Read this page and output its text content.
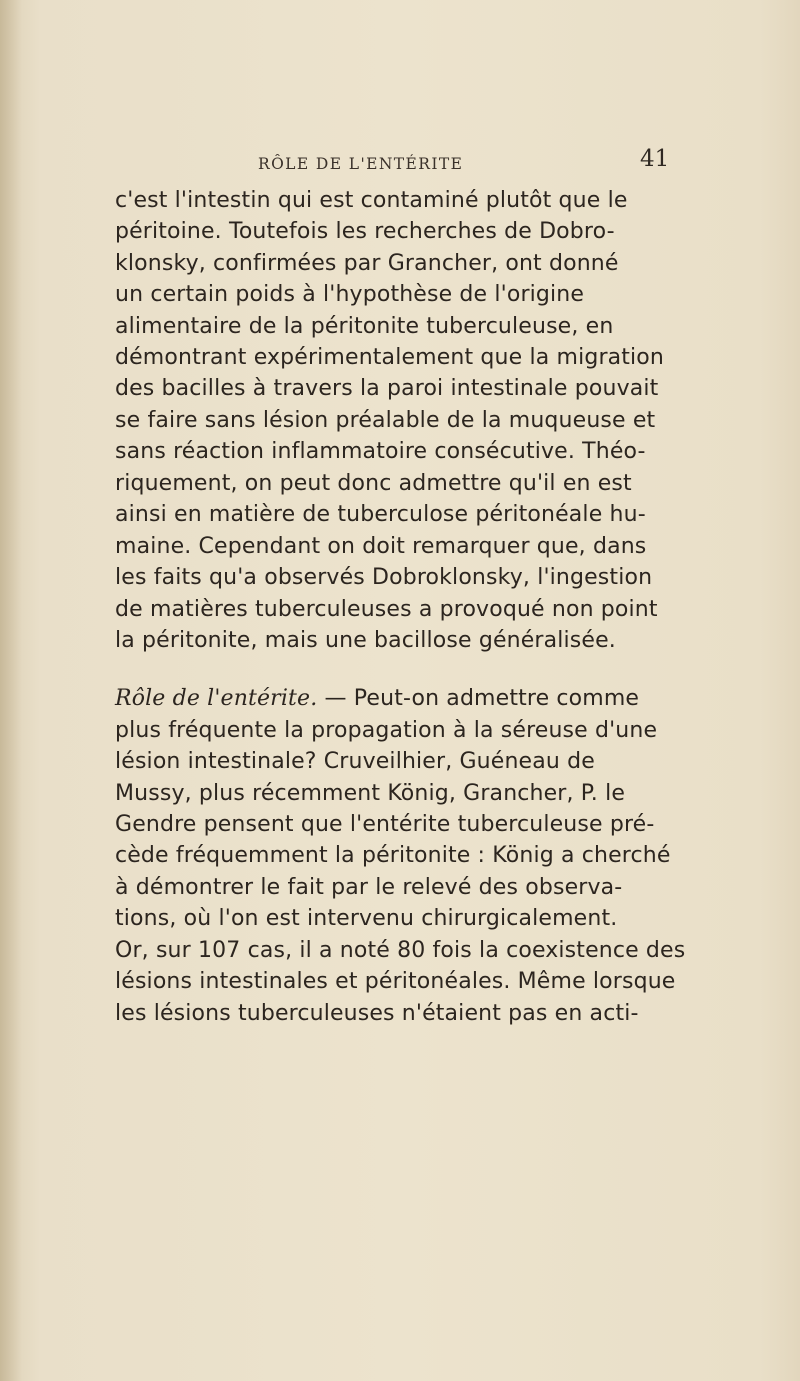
RÔLE DE L'ENTÉRITE	41
c'est l'intestin qui est contaminé plutôt que le
péritoine. Toutefois les recherches de Dobro-
klonsky, confirmées par Grancher, ont donné
un certain poids à l'hypothèse de l'origine
alimentaire de la péritonite tuberculeuse, en
démontrant expérimentalement que la migration
des bacilles à travers la paroi intestinale pouvait
se faire sans lésion préalable de la muqueuse et
sans réaction inflammatoire consécutive. Théo-
riquement, on peut donc admettre qu'il en est
ainsi en matière de tuberculose péritonéale hu-
maine. Cependant on doit remarquer que, dans
les faits qu'a observés Dobroklonsky, l'ingestion
de matières tuberculeuses a provoqué non point
la péritonite, mais une bacillose généralisée.
Rôle de l'entérite. — Peut-on admettre comme
plus fréquente la propagation à la séreuse d'une
lésion intestinale? Cruveilhier, Guéneau de
Mussy, plus récemment König, Grancher, P. le
Gendre pensent que l'entérite tuberculeuse pré-
cède fréquemment la péritonite : König a cherché
à démontrer le fait par le relevé des observa-
tions, où l'on est intervenu chirurgicalement.
Or, sur 107 cas, il a noté 80 fois la coexistence des
lésions intestinales et péritonéales. Même lorsque
les lésions tuberculeuses n'étaient pas en acti-
